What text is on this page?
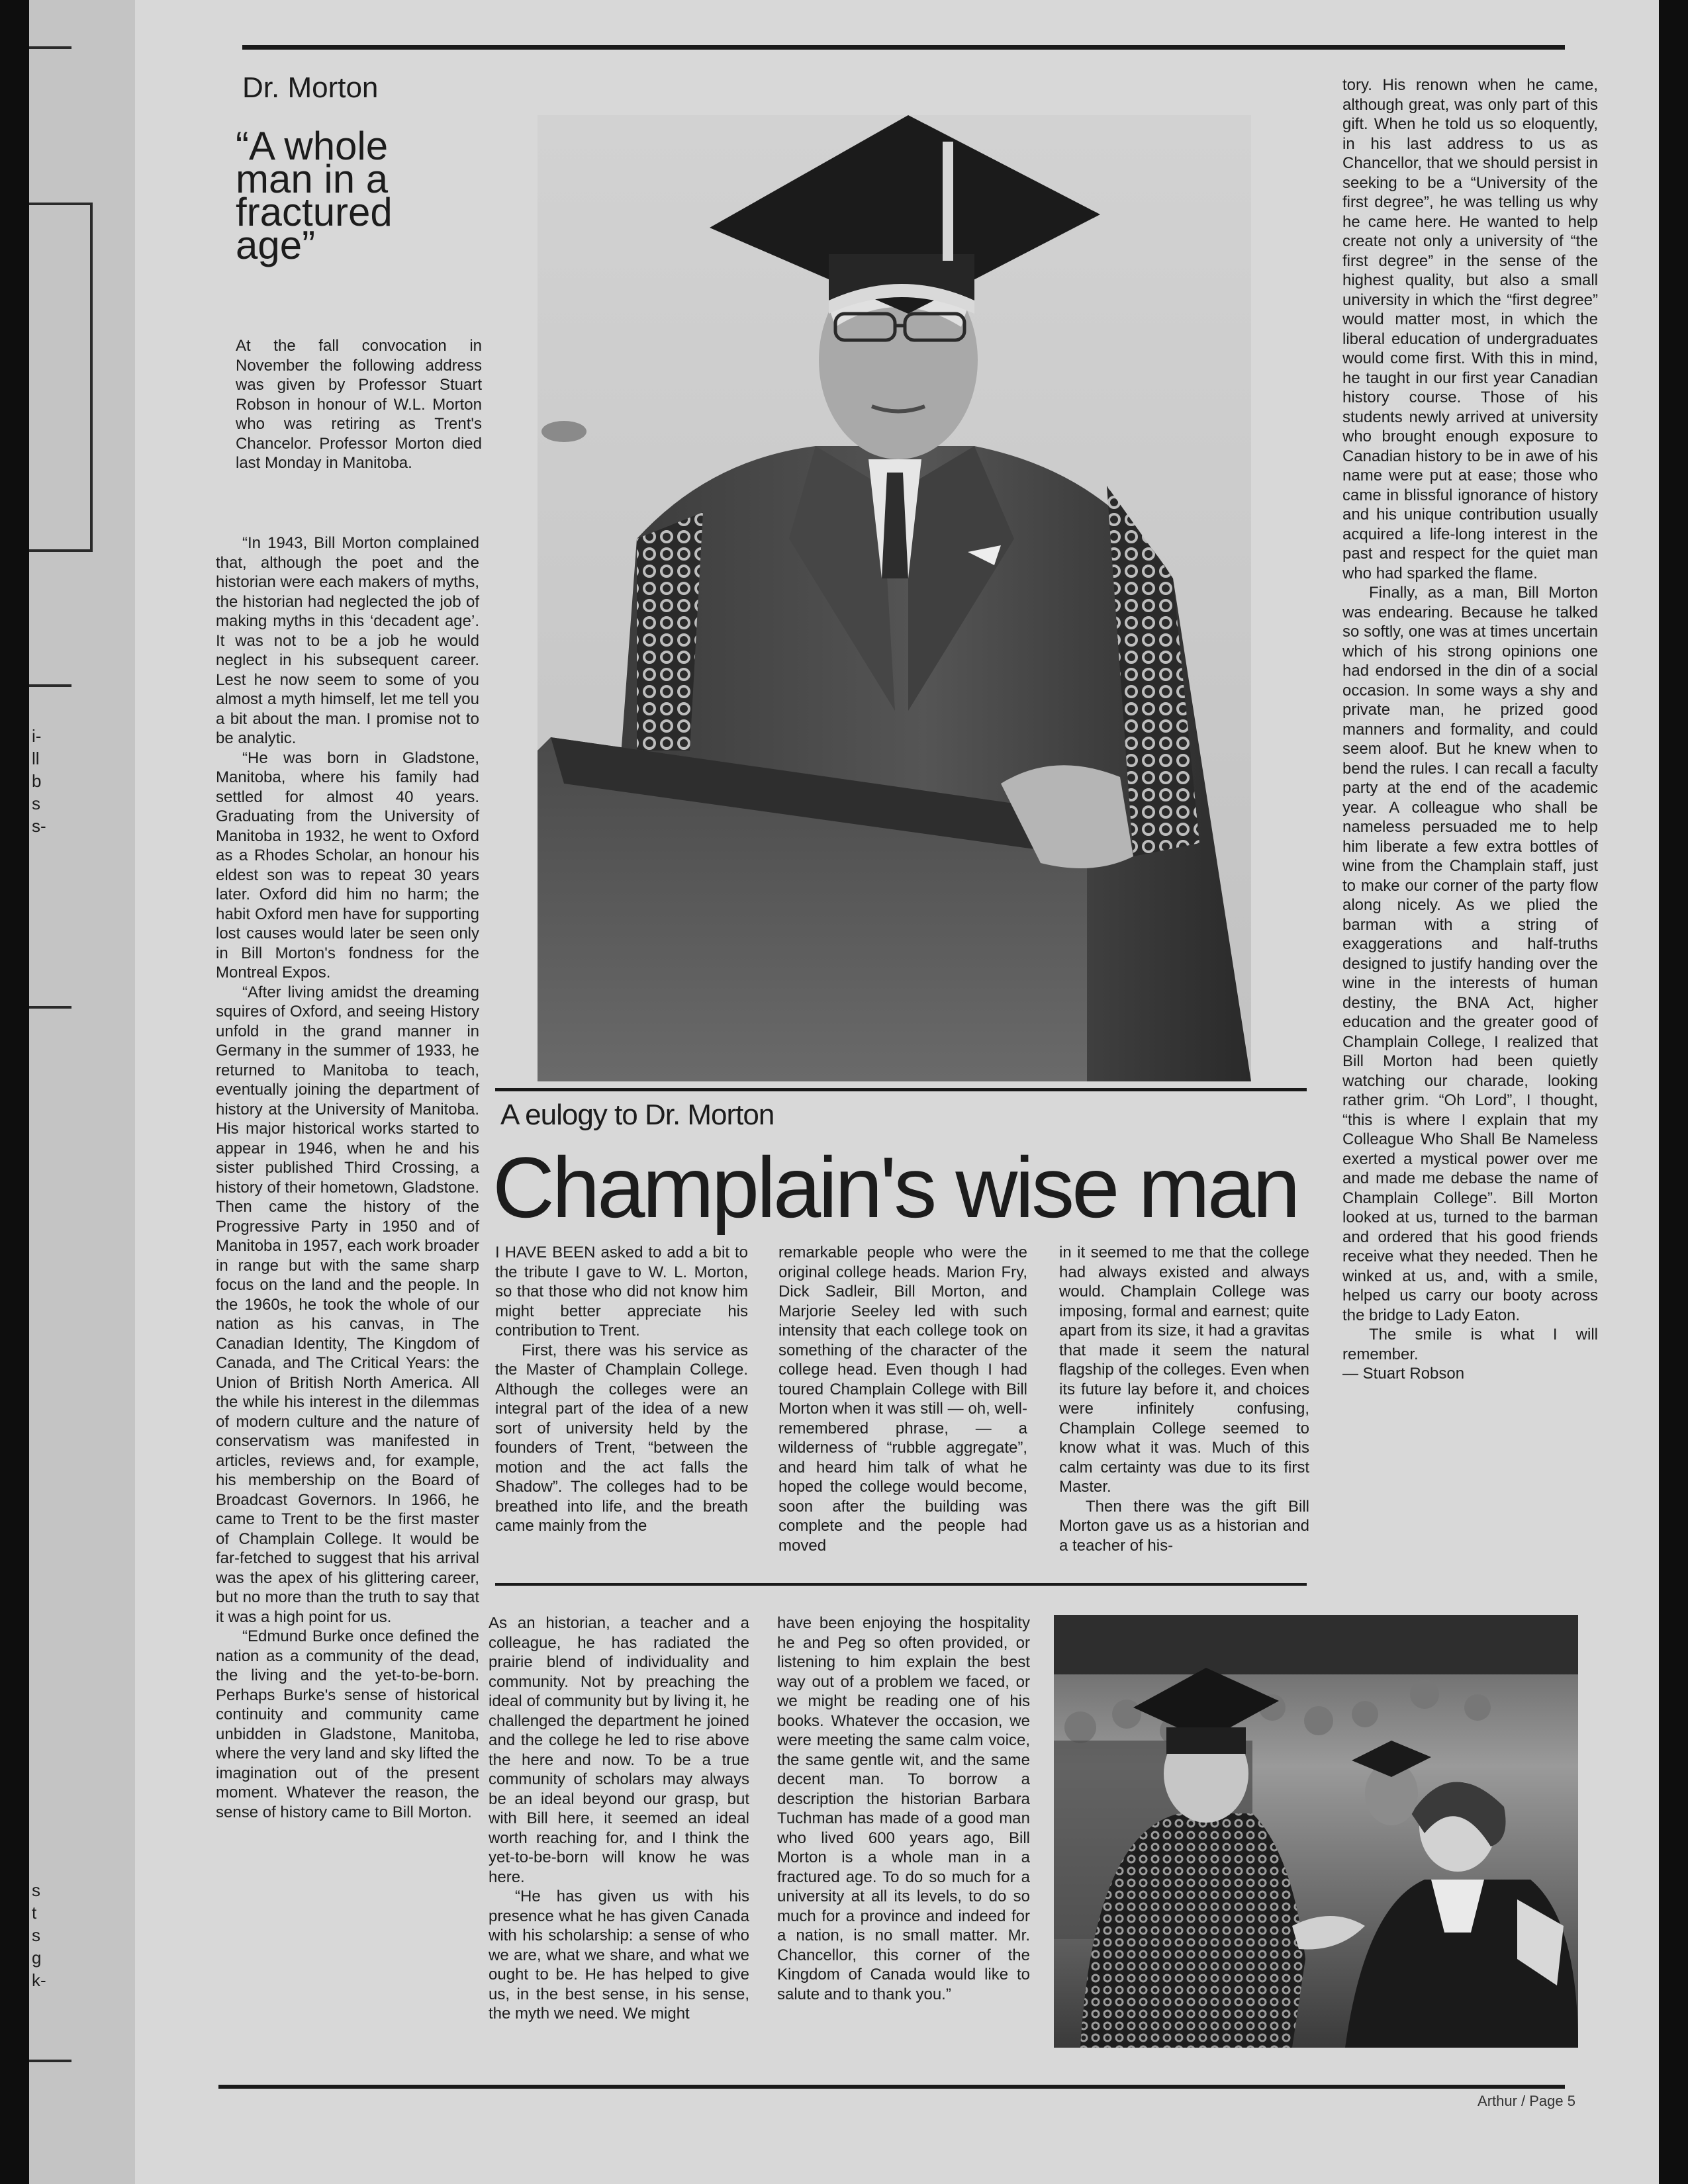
i-
ll
b
s
s-
s
t
s
g
k-
Dr. Morton
“A whole
man in a
fractured
age”

At the fall convocation in November the following address was given by Professor Stuart Robson in honour of W.L. Morton who was retiring as Trent's Chancelor. Professor Morton died last Monday in Manitoba.

“In 1943, Bill Morton complained that, although the poet and the historian were each makers of myths, the historian had neglected the job of making myths in this ‘decadent age’. It was not to be a job he would neglect in his subsequent career. Lest he now seem to some of you almost a myth himself, let me tell you a bit about the man. I promise not to be analytic.

“He was born in Gladstone, Manitoba, where his family had settled for almost 40 years. Graduating from the University of Manitoba in 1932, he went to Oxford as a Rhodes Scholar, an honour his eldest son was to repeat 30 years later. Oxford did him no harm; the habit Oxford men have for supporting lost causes would later be seen only in Bill Morton's fondness for the Montreal Expos.

“After living amidst the dreaming squires of Oxford, and seeing History unfold in the grand manner in Germany in the summer of 1933, he returned to Manitoba to teach, eventually joining the department of history at the University of Manitoba. His major historical works started to appear in 1946, when he and his sister published Third Crossing, a history of their hometown, Gladstone. Then came the history of the Progressive Party in 1950 and of Manitoba in 1957, each work broader in range but with the same sharp focus on the land and the people. In the 1960s, he took the whole of our nation as his canvas, in The Canadian Identity, The Kingdom of Canada, and The Critical Years: the Union of British North America. All the while his interest in the dilemmas of modern culture and the nature of conservatism was manifested in articles, reviews and, for example, his membership on the Board of Broadcast Governors. In 1966, he came to Trent to be the first master of Champlain College. It would be far-fetched to suggest that his arrival was the apex of his glittering career, but no more than the truth to say that it was a high point for us.

“Edmund Burke once defined the nation as a community of the dead, the living and the yet-to-be-born. Perhaps Burke's sense of historical continuity and community came unbidden in Gladstone, Manitoba, where the very land and sky lifted the imagination out of the present moment. Whatever the reason, the sense of history came to Bill Morton.

tory. His renown when he came, although great, was only part of this gift. When he told us so eloquently, in his last address to us as Chancellor, that we should persist in seeking to be a “University of the first degree”, he was telling us why he came here. He wanted to help create not only a university of “the first degree” in the sense of the highest quality, but also a small university in which the “first degree” would matter most, in which the liberal education of undergraduates would come first. With this in mind, he taught in our first year Canadian history course. Those of his students newly arrived at university who brought enough exposure to Canadian history to be in awe of his name were put at ease; those who came in blissful ignorance of history and his unique contribution usually acquired a life-long interest in the past and respect for the quiet man who had sparked the flame.

Finally, as a man, Bill Morton was endearing. Because he talked so softly, one was at times uncertain which of his strong opinions one had endorsed in the din of a social occasion. In some ways a shy and private man, he prized good manners and formality, and could seem aloof. But he knew when to bend the rules. I can recall a faculty party at the end of the academic year. A colleague who shall be nameless persuaded me to help him liberate a few extra bottles of wine from the Champlain staff, just to make our corner of the party flow along nicely. As we plied the barman with a string of exaggerations and half-truths designed to justify handing over the wine in the interests of human destiny, the BNA Act, higher education and the greater good of Champlain College, I realized that Bill Morton had been quietly watching our charade, looking rather grim. “Oh Lord”, I thought, “this is where I explain that my Colleague Who Shall Be Nameless exerted a mystical power over me and made me debase the name of Champlain College”. Bill Morton looked at us, turned to the barman and ordered that his good friends receive what they needed. Then he winked at us, and, with a smile, helped us carry our booty across the bridge to Lady Eaton.

The smile is what I will remember.

— Stuart Robson

A eulogy to Dr. Morton
Champlain's wise man

I HAVE BEEN asked to add a bit to the tribute I gave to W. L. Morton, so that those who did not know him might better appreciate his contribution to Trent.

First, there was his service as the Master of Champlain College. Although the colleges were an integral part of the idea of a new sort of university held by the founders of Trent, “between the motion and the act falls the Shadow”. The colleges had to be breathed into life, and the breath came mainly from the

remarkable people who were the original college heads. Marion Fry, Dick Sadleir, Bill Morton, and Marjorie Seeley led with such intensity that each college took on something of the character of the college head. Even though I had toured Champlain College with Bill Morton when it was still — oh, well-remembered phrase, — a wilderness of “rubble aggregate”, and heard him talk of what he hoped the college would become, soon after the building was complete and the people had moved

in it seemed to me that the college had always existed and always would. Champlain College was imposing, formal and earnest; quite apart from its size, it had a gravitas that made it seem the natural flagship of the colleges. Even when its future lay before it, and choices were infinitely confusing, Champlain College seemed to know what it was. Much of this calm certainty was due to its first Master.

Then there was the gift Bill Morton gave us as a historian and a teacher of his-

As an historian, a teacher and a colleague, he has radiated the prairie blend of individuality and community. Not by preaching the ideal of community but by living it, he challenged the department he joined and the college he led to rise above the here and now. To be a true community of scholars may always be an ideal beyond our grasp, but with Bill here, it seemed an ideal worth reaching for, and I think the yet-to-be-born will know he was here.

“He has given us with his presence what he has given Canada with his scholarship: a sense of who we are, what we share, and what we ought to be. He has helped to give us, in the best sense, in his sense, the myth we need. We might

have been enjoying the hospitality he and Peg so often provided, or listening to him explain the best way out of a problem we faced, or we might be reading one of his books. Whatever the occasion, we were meeting the same calm voice, the same gentle wit, and the same decent man. To borrow a description the historian Barbara Tuchman has made of a good man who lived 600 years ago, Bill Morton is a whole man in a fractured age. To do so much for a university at all its levels, to do so much for a province and indeed for a nation, is no small matter. Mr. Chancellor, this corner of the Kingdom of Canada would like to salute and to thank you.”

Arthur / Page 5
